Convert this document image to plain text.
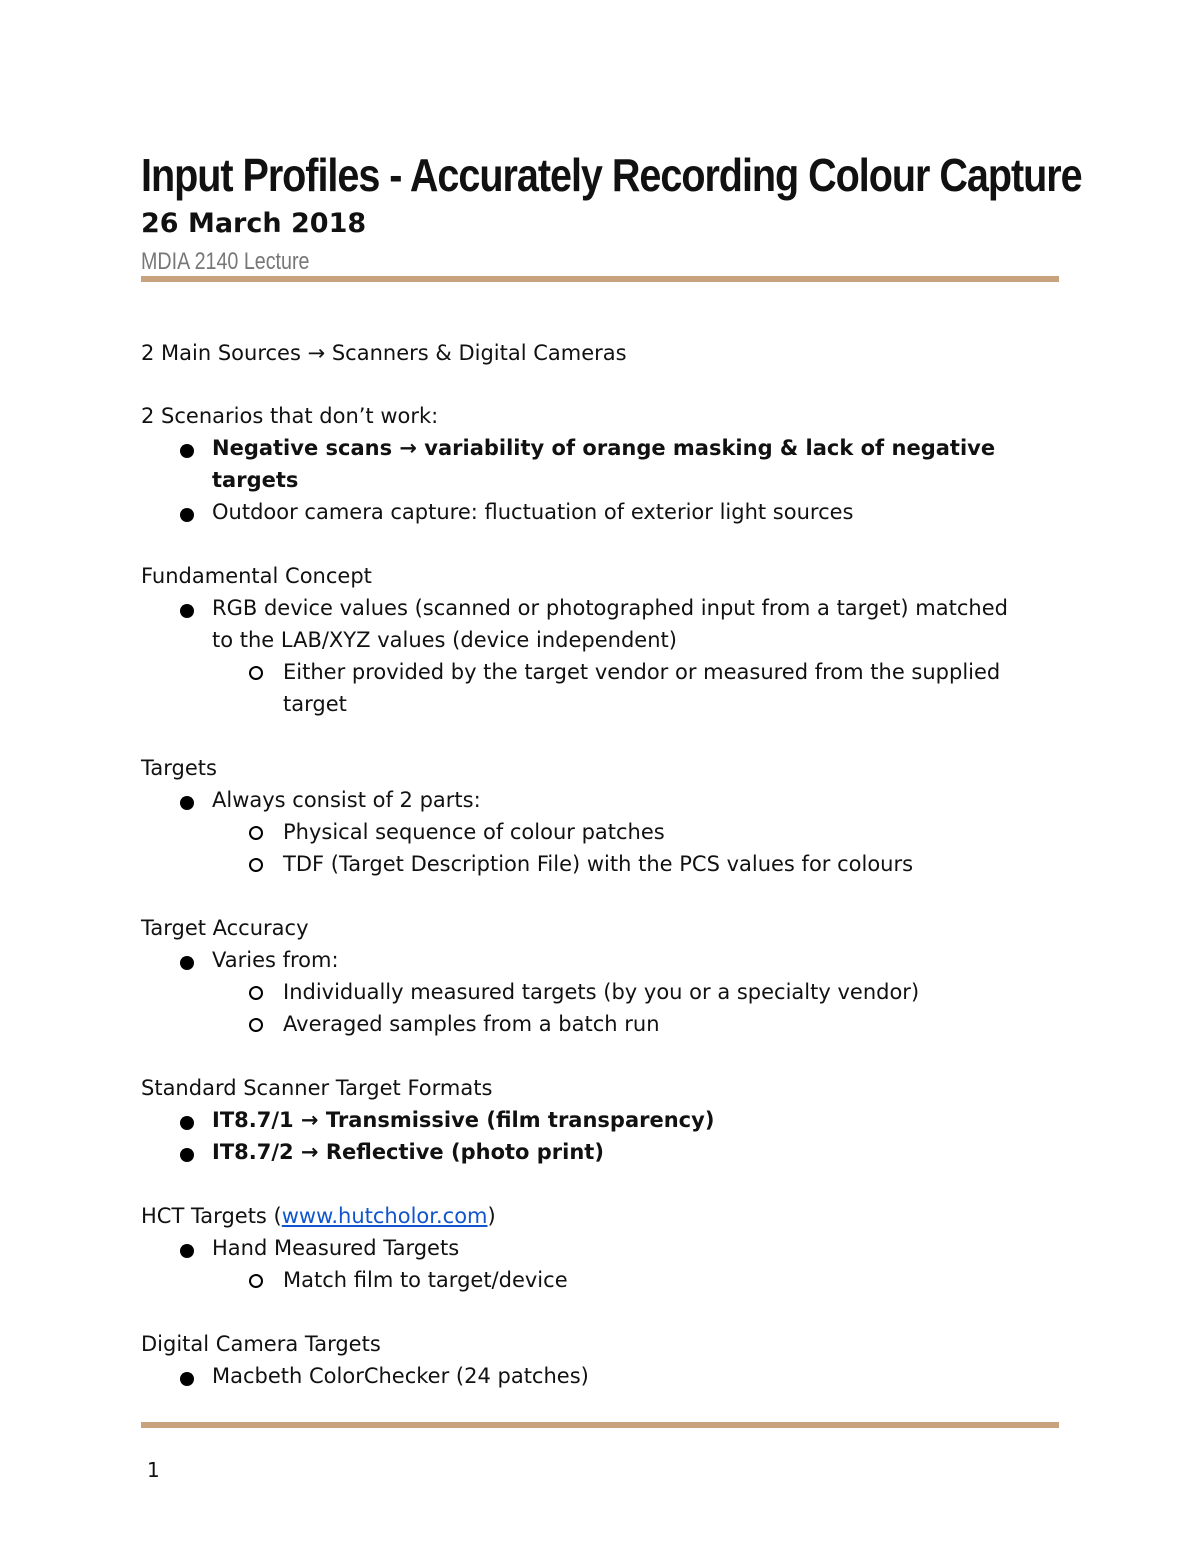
Input Profiles - Accurately Recording Colour Capture
26 March 2018
MDIA 2140 Lecture

2 Main Sources → Scanners & Digital Cameras

2 Scenarios that don’t work:

Negative scans → variability of orange masking & lack of negative
targets
Outdoor camera capture: fluctuation of exterior light sources

Fundamental Concept

RGB device values (scanned or photographed input from a target) matched
to the LAB/XYZ values (device independent)
Either provided by the target vendor or measured from the supplied
target

Targets

Always consist of 2 parts:
Physical sequence of colour patches
TDF (Target Description File) with the PCS values for colours

Target Accuracy

Varies from:
Individually measured targets (by you or a specialty vendor)
Averaged samples from a batch run

Standard Scanner Target Formats

IT8.7/1 → Transmissive (film transparency)
IT8.7/2 → Reflective (photo print)

HCT Targets (www.hutcholor.com)

Hand Measured Targets
Match film to target/device

Digital Camera Targets

Macbeth ColorChecker (24 patches)
1
